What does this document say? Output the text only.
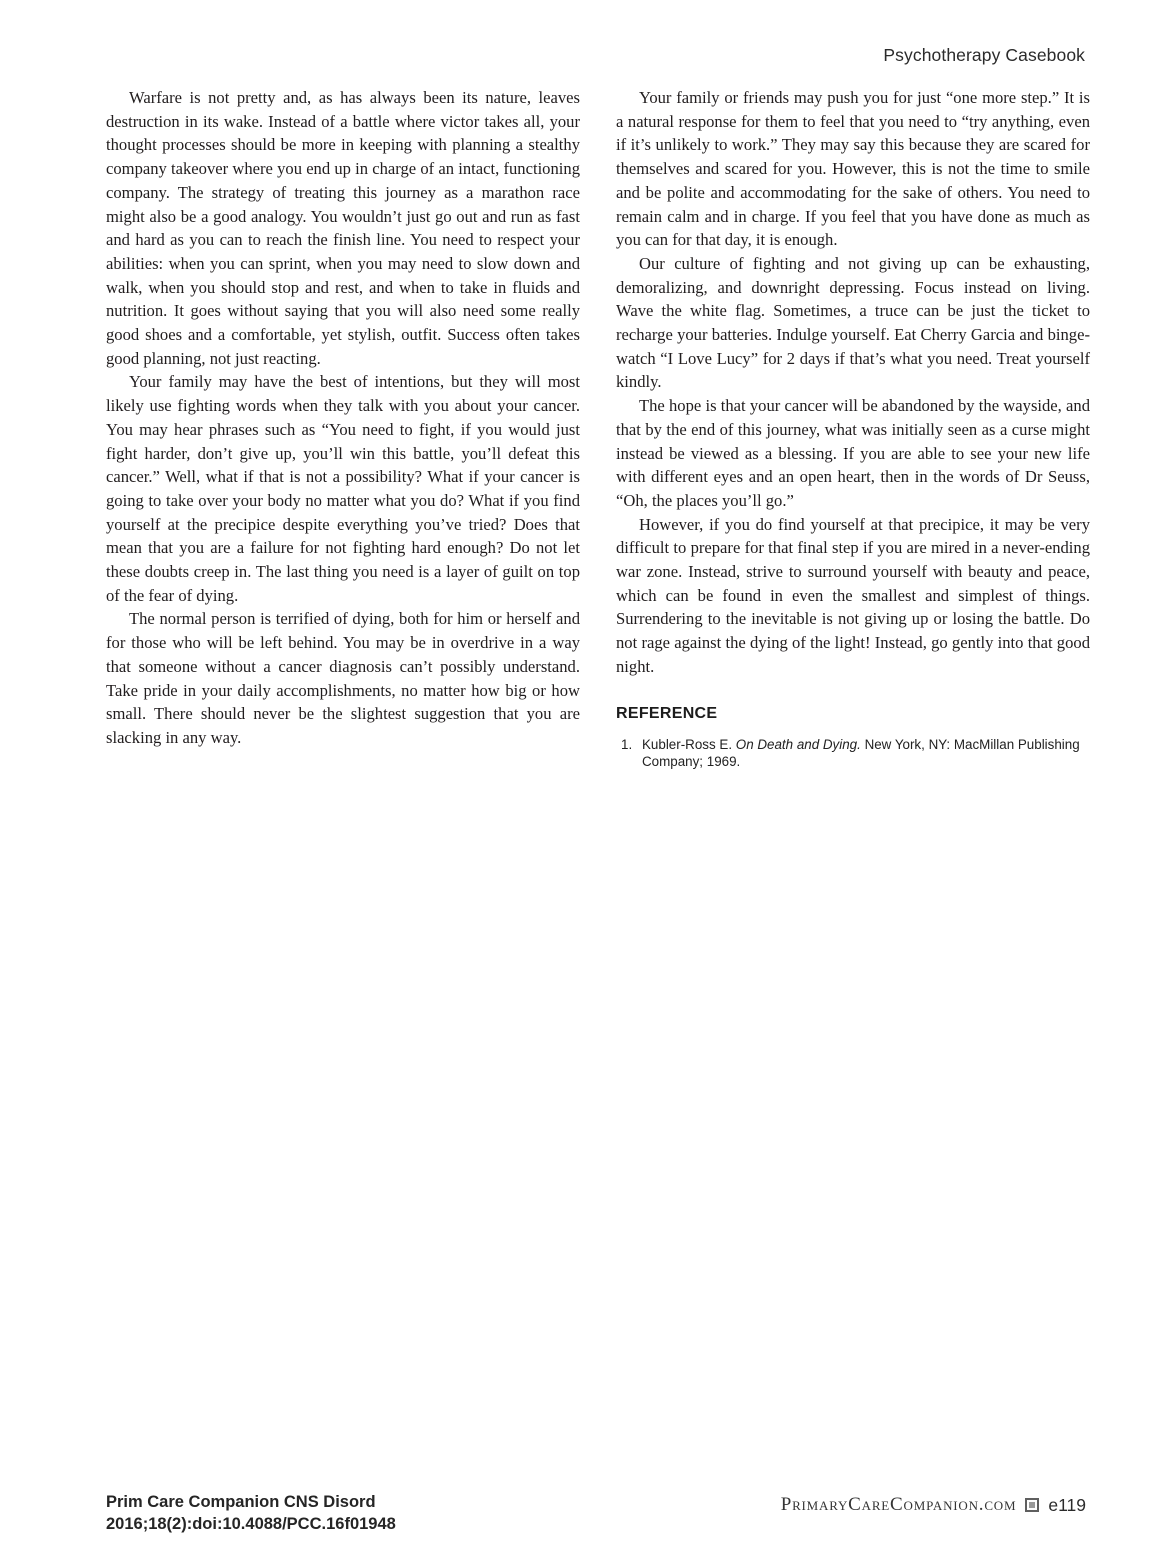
Psychotherapy Casebook

Warfare is not pretty and, as has always been its nature, leaves destruction in its wake. Instead of a battle where victor takes all, your thought processes should be more in keeping with planning a stealthy company takeover where you end up in charge of an intact, functioning company. The strategy of treating this journey as a marathon race might also be a good analogy. You wouldn’t just go out and run as fast and hard as you can to reach the finish line. You need to respect your abilities: when you can sprint, when you may need to slow down and walk, when you should stop and rest, and when to take in fluids and nutrition. It goes without saying that you will also need some really good shoes and a comfortable, yet stylish, outfit. Success often takes good planning, not just reacting.

Your family may have the best of intentions, but they will most likely use fighting words when they talk with you about your cancer. You may hear phrases such as “You need to fight, if you would just fight harder, don’t give up, you’ll win this battle, you’ll defeat this cancer.” Well, what if that is not a possibility? What if your cancer is going to take over your body no matter what you do? What if you find yourself at the precipice despite everything you’ve tried? Does that mean that you are a failure for not fighting hard enough? Do not let these doubts creep in. The last thing you need is a layer of guilt on top of the fear of dying.

The normal person is terrified of dying, both for him or herself and for those who will be left behind. You may be in overdrive in a way that someone without a cancer diagnosis can’t possibly understand. Take pride in your daily accomplishments, no matter how big or how small. There should never be the slightest suggestion that you are slacking in any way.

Your family or friends may push you for just “one more step.” It is a natural response for them to feel that you need to “try anything, even if it’s unlikely to work.” They may say this because they are scared for themselves and scared for you. However, this is not the time to smile and be polite and accommodating for the sake of others. You need to remain calm and in charge. If you feel that you have done as much as you can for that day, it is enough.

Our culture of fighting and not giving up can be exhausting, demoralizing, and downright depressing. Focus instead on living. Wave the white flag. Sometimes, a truce can be just the ticket to recharge your batteries. Indulge yourself. Eat Cherry Garcia and binge-watch “I Love Lucy” for 2 days if that’s what you need. Treat yourself kindly.

The hope is that your cancer will be abandoned by the wayside, and that by the end of this journey, what was initially seen as a curse might instead be viewed as a blessing. If you are able to see your new life with different eyes and an open heart, then in the words of Dr Seuss, “Oh, the places you’ll go.”

However, if you do find yourself at that precipice, it may be very difficult to prepare for that final step if you are mired in a never-ending war zone. Instead, strive to surround yourself with beauty and peace, which can be found in even the smallest and simplest of things. Surrendering to the inevitable is not giving up or losing the battle. Do not rage against the dying of the light! Instead, go gently into that good night.

REFERENCE
1. Kubler-Ross E. On Death and Dying. New York, NY: MacMillan Publishing Company; 1969.
Prim Care Companion CNS Disord
2016;18(2):doi:10.4088/PCC.16f01948
PrimaryCareCompanion.com e119
